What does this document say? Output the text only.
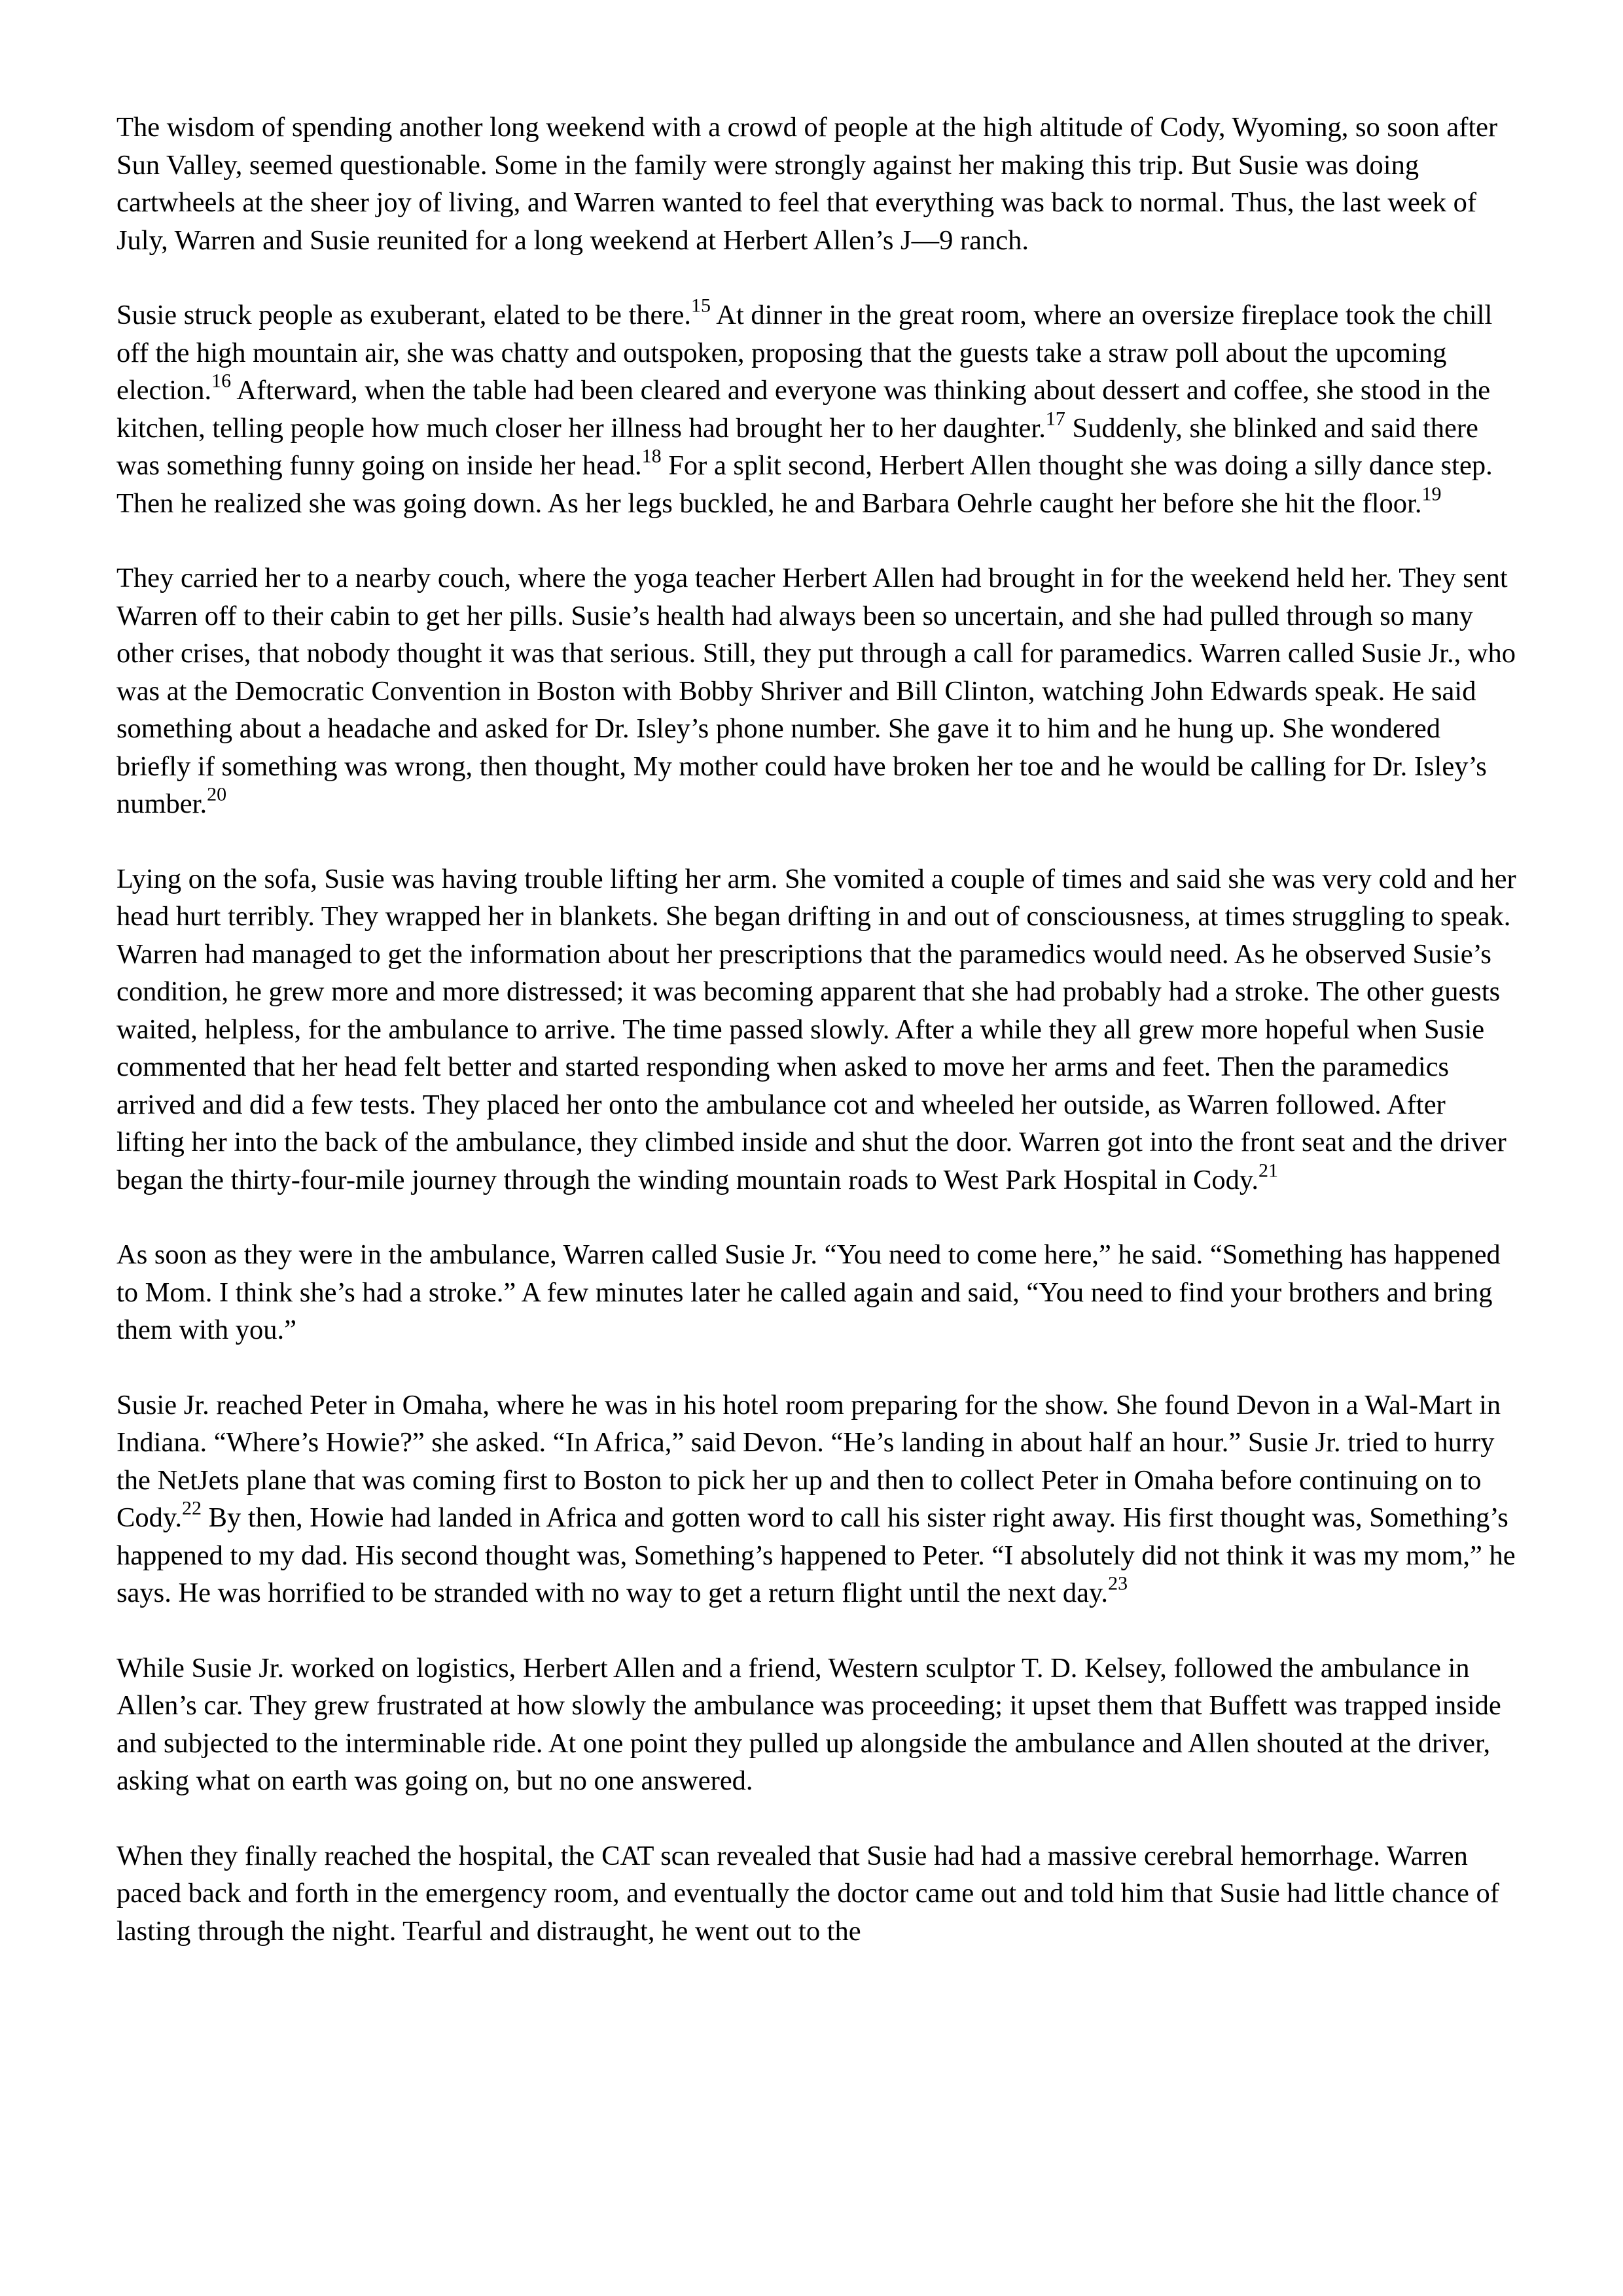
The wisdom of spending another long weekend with a crowd of people at the high altitude of Cody, Wyoming, so soon after Sun Valley, seemed questionable. Some in the family were strongly against her making this trip. But Susie was doing cartwheels at the sheer joy of living, and Warren wanted to feel that everything was back to normal. Thus, the last week of July, Warren and Susie reunited for a long weekend at Herbert Allen’s J—9 ranch.

Susie struck people as exuberant, elated to be there.$^{15}$ At dinner in the great room, where an oversize fireplace took the chill off the high mountain air, she was chatty and outspoken, proposing that the guests take a straw poll about the upcoming election.$^{16}$ Afterward, when the table had been cleared and everyone was thinking about dessert and coffee, she stood in the kitchen, telling people how much closer her illness had brought her to her daughter.$^{17}$ Suddenly, she blinked and said there was something funny going on inside her head.$^{18}$ For a split second, Herbert Allen thought she was doing a silly dance step. Then he realized she was going down. As her legs buckled, he and Barbara Oehrle caught her before she hit the floor.$^{19}$

They carried her to a nearby couch, where the yoga teacher Herbert Allen had brought in for the weekend held her. They sent Warren off to their cabin to get her pills. Susie’s health had always been so uncertain, and she had pulled through so many other crises, that nobody thought it was that serious. Still, they put through a call for paramedics. Warren called Susie Jr., who was at the Democratic Convention in Boston with Bobby Shriver and Bill Clinton, watching John Edwards speak. He said something about a headache and asked for Dr. Isley’s phone number. She gave it to him and he hung up. She wondered briefly if something was wrong, then thought, My mother could have broken her toe and he would be calling for Dr. Isley’s number.$^{20}$

Lying on the sofa, Susie was having trouble lifting her arm. She vomited a couple of times and said she was very cold and her head hurt terribly. They wrapped her in blankets. She began drifting in and out of consciousness, at times struggling to speak. Warren had managed to get the information about her prescriptions that the paramedics would need. As he observed Susie’s condition, he grew more and more distressed; it was becoming apparent that she had probably had a stroke. The other guests waited, helpless, for the ambulance to arrive. The time passed slowly. After a while they all grew more hopeful when Susie commented that her head felt better and started responding when asked to move her arms and feet. Then the paramedics arrived and did a few tests. They placed her onto the ambulance cot and wheeled her outside, as Warren followed. After lifting her into the back of the ambulance, they climbed inside and shut the door. Warren got into the front seat and the driver began the thirty-four-mile journey through the winding mountain roads to West Park Hospital in Cody.$^{21}$

As soon as they were in the ambulance, Warren called Susie Jr. “You need to come here,” he said. “Something has happened to Mom. I think she’s had a stroke.” A few minutes later he called again and said, “You need to find your brothers and bring them with you.”

Susie Jr. reached Peter in Omaha, where he was in his hotel room preparing for the show. She found Devon in a Wal-Mart in Indiana. “Where’s Howie?” she asked. “In Africa,” said Devon. “He’s landing in about half an hour.” Susie Jr. tried to hurry the NetJets plane that was coming first to Boston to pick her up and then to collect Peter in Omaha before continuing on to Cody.$^{22}$ By then, Howie had landed in Africa and gotten word to call his sister right away. His first thought was, Something’s happened to my dad. His second thought was, Something’s happened to Peter. “I absolutely did not think it was my mom,” he says. He was horrified to be stranded with no way to get a return flight until the next day.$^{23}$

While Susie Jr. worked on logistics, Herbert Allen and a friend, Western sculptor T. D. Kelsey, followed the ambulance in Allen’s car. They grew frustrated at how slowly the ambulance was proceeding; it upset them that Buffett was trapped inside and subjected to the interminable ride. At one point they pulled up alongside the ambulance and Allen shouted at the driver, asking what on earth was going on, but no one answered.

When they finally reached the hospital, the CAT scan revealed that Susie had had a massive cerebral hemorrhage. Warren paced back and forth in the emergency room, and eventually the doctor came out and told him that Susie had little chance of lasting through the night. Tearful and distraught, he went out to the
